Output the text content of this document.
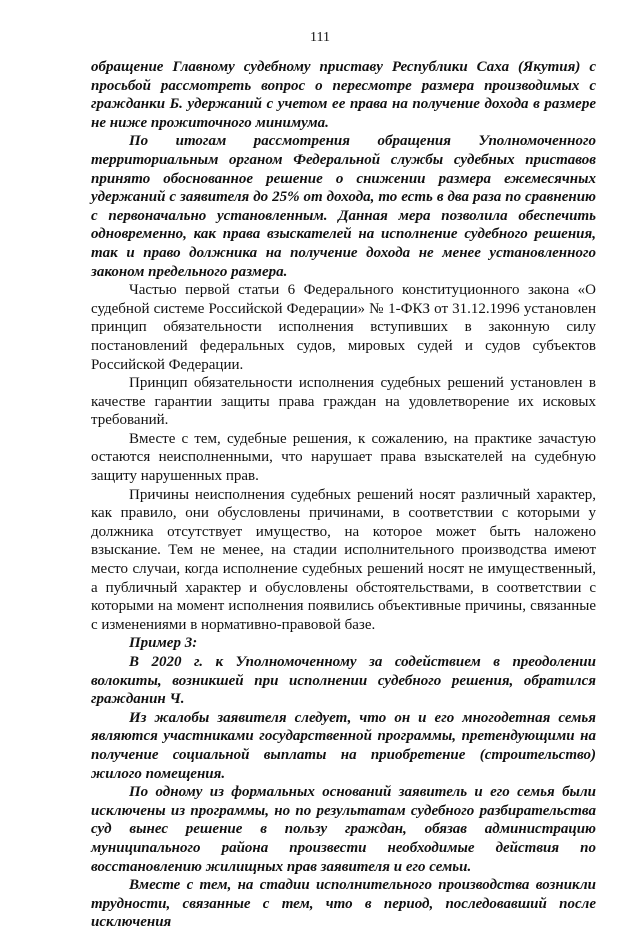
111

обращение Главному судебному приставу Республики Саха (Якутия) с просьбой рассмотреть вопрос о пересмотре размера производимых с гражданки Б. удержаний с учетом ее права на получение дохода в размере не ниже прожиточного минимума.

По итогам рассмотрения обращения Уполномоченного территориальным органом Федеральной службы судебных приставов принято обоснованное решение о снижении размера ежемесячных удержаний с заявителя до 25% от дохода, то есть в два раза по сравнению с первоначально установленным. Данная мера позволила обеспечить одновременно, как права взыскателей на исполнение судебного решения, так и право должника на получение дохода не менее установленного законом предельного размера.

Частью первой статьи 6 Федерального конституционного закона «О судебной системе Российской Федерации» № 1-ФКЗ от 31.12.1996 установлен принцип обязательности исполнения вступивших в законную силу постановлений федеральных судов, мировых судей и судов субъектов Российской Федерации.

Принцип обязательности исполнения судебных решений установлен в качестве гарантии защиты права граждан на удовлетворение их исковых требований.

Вместе с тем, судебные решения, к сожалению, на практике зачастую остаются неисполненными, что нарушает права взыскателей на судебную защиту нарушенных прав.

Причины неисполнения судебных решений носят различный характер, как правило, они обусловлены причинами, в соответствии с которыми у должника отсутствует имущество, на которое может быть наложено взыскание. Тем не менее, на стадии исполнительного производства имеют место случаи, когда исполнение судебных решений носят не имущественный, а публичный характер и обусловлены обстоятельствами, в соответствии с которыми на момент исполнения появились объективные причины, связанные с изменениями в нормативно-правовой базе.

Пример 3:

В 2020 г. к Уполномоченному за содействием в преодолении волокиты, возникшей при исполнении судебного решения, обратился гражданин Ч.

Из жалобы заявителя следует, что он и его многодетная семья являются участниками государственной программы, претендующими на получение социальной выплаты на приобретение (строительство) жилого помещения.

По одному из формальных оснований заявитель и его семья были исключены из программы, но по результатам судебного разбирательства суд вынес решение в пользу граждан, обязав администрацию муниципального района произвести необходимые действия по восстановлению жилищных прав заявителя и его семьи.

Вместе с тем, на стадии исполнительного производства возникли трудности, связанные с тем, что в период, последовавший после исключения
